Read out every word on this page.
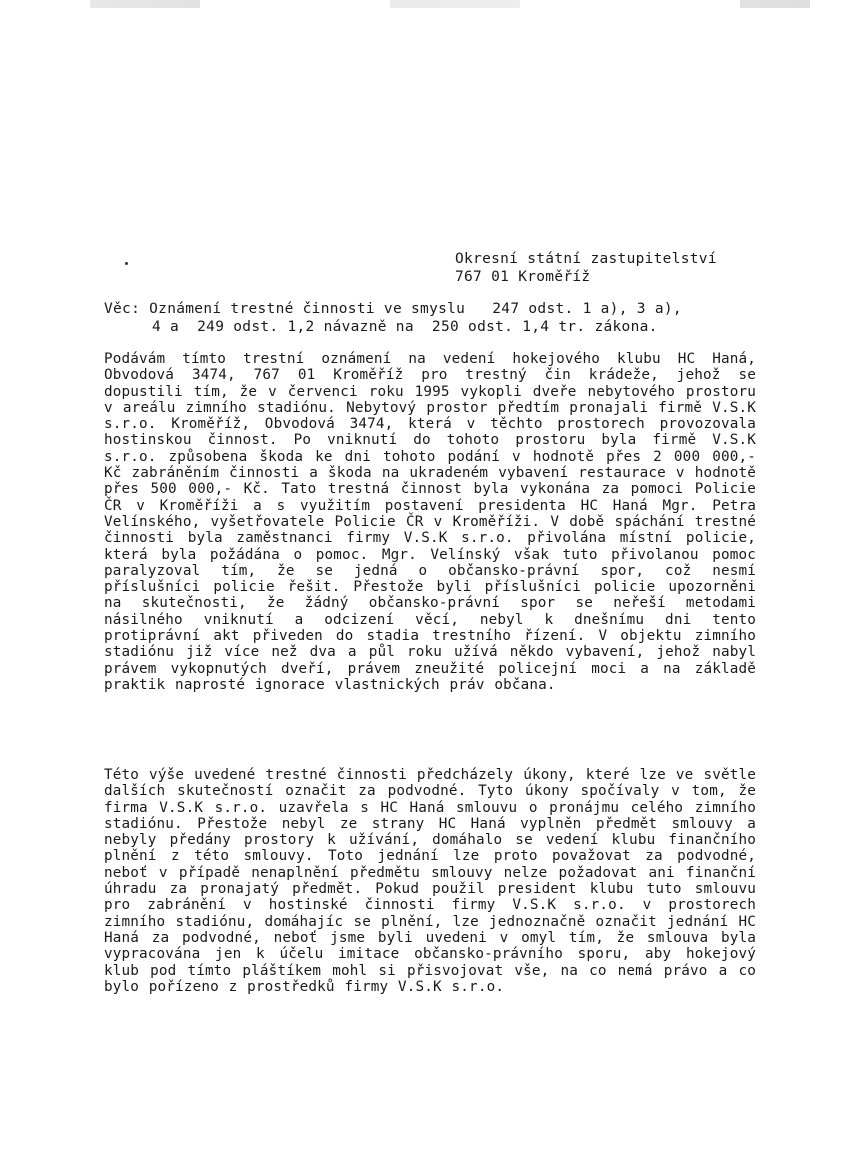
Okresní státní zastupitelství
767 01 Kroměříž
Věc: Oznámení trestné činnosti ve smyslu   247 odst. 1 a), 3 a),
4 a  249 odst. 1,2 návazně na  250 odst. 1,4 tr. zákona.
Podávám tímto trestní oznámení na vedení hokejového klubu HC Haná, Obvodová 3474, 767 01 Kroměříž pro trestný čin krádeže, jehož se dopustili tím, že v červenci roku 1995 vykopli dveře nebytového prostoru v areálu zimního stadiónu. Nebytový prostor předtím pronajali firmě V.S.K s.r.o. Kroměříž, Obvodová 3474, která v těchto prostorech provozovala hostinskou činnost. Po vniknutí do tohoto prostoru byla firmě V.S.K s.r.o. způsobena škoda ke dni tohoto podání v hodnotě přes 2 000 000,- Kč zabráněním činnosti a škoda na ukradeném vybavení restaurace v hodnotě přes 500 000,- Kč. Tato trestná činnost byla vykonána za pomoci Policie ČR v Kroměříži a s využitím postavení presidenta HC Haná Mgr. Petra Velínského, vyšetřovatele Policie ČR v Kroměříži. V době spáchání trestné činnosti byla zaměstnanci firmy V.S.K s.r.o. přivolána místní policie, která byla požádána o pomoc. Mgr. Velínský však tuto přivolanou pomoc paralyzoval tím, že se jedná o občansko-právní spor, což nesmí příslušníci policie řešit. Přestože byli příslušníci policie upozorněni na skutečnosti, že žádný občansko-právní spor se neřeší metodami násilného vniknutí a odcizení věcí, nebyl k dnešnímu dni tento protiprávní akt přiveden do stadia trestního řízení. V objektu zimního stadiónu již více než dva a půl roku užívá někdo vybavení, jehož nabyl právem vykopnutých dveří, právem zneužité policejní moci a na základě praktik naprosté ignorace vlastnických práv občana.
Této výše uvedené trestné činnosti předcházely úkony, které lze ve světle dalších skutečností označit za podvodné. Tyto úkony spočívaly v tom, že firma V.S.K s.r.o. uzavřela s HC Haná smlouvu o pronájmu celého zimního stadiónu. Přestože nebyl ze strany HC Haná vyplněn předmět smlouvy a nebyly předány prostory k užívání, domáhalo se vedení klubu finančního plnění z této smlouvy. Toto jednání lze proto považovat za podvodné, neboť v případě nenaplnění předmětu smlouvy nelze požadovat ani finanční úhradu za pronajatý předmět. Pokud použil president klubu tuto smlouvu pro zabránění v hostinské činnosti firmy V.S.K s.r.o. v prostorech zimního stadiónu, domáhajíc se plnění, lze jednoznačně označit jednání HC Haná za podvodné, neboť jsme byli uvedeni v omyl tím, že smlouva byla vypracována jen k účelu imitace občansko-právního sporu, aby hokejový klub pod tímto pláštíkem mohl si přisvojovat vše, na co nemá právo a co bylo pořízeno z prostředků firmy V.S.K s.r.o.
